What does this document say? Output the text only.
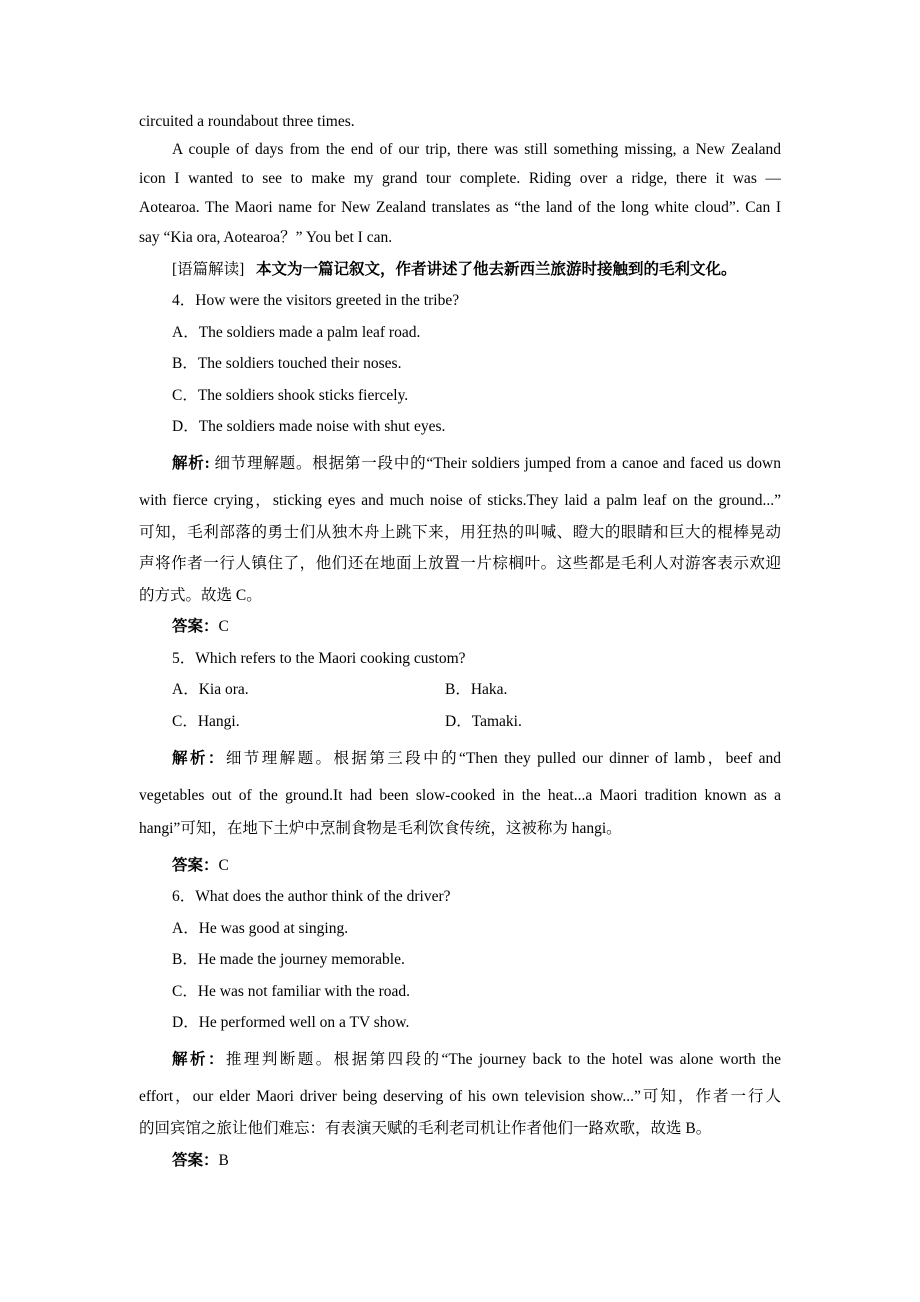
circuited a roundabout three times.
A couple of days from the end of our trip, there was still something missing, a New Zealand
icon I wanted to see to make my grand tour complete. Riding over a ridge, there it was —
Aotearoa. The Maori name for New Zealand translates as “the land of the long white cloud”. Can I
say “Kia ora, Aotearoa？” You bet I can.
[语篇解读] 本文为一篇记叙文，作者讲述了他去新西兰旅游时接触到的毛利文化。
4．How were the visitors greeted in the tribe?
A．The soldiers made a palm leaf road.
B．The soldiers touched their noses.
C．The soldiers shook sticks fiercely.
D．The soldiers made noise with shut eyes.
解析: 细节理解题。根据第一段中的“Their soldiers jumped from a canoe and faced us down
with fierce crying，sticking eyes and much noise of sticks.They laid a palm leaf on the ground...”
可知，毛利部落的勇士们从独木舟上跳下来，用狂热的叫喊、瞪大的眼睛和巨大的棍棒晃动
声将作者一行人镇住了，他们还在地面上放置一片棕榈叶。这些都是毛利人对游客表示欢迎
的方式。故选 C。
答案：C
5．Which refers to the Maori cooking custom?
A．Kia ora.	B．Haka.
C．Hangi.	D．Tamaki.
解析：细节理解题。根据第三段中的“Then they pulled our dinner of lamb，beef and
vegetables out of the ground.It had been slow-cooked in the heat...a Maori tradition known as a
hangi”可知，在地下土炉中烹制食物是毛利饮食传统，这被称为 hangi。
答案：C
6．What does the author think of the driver?
A．He was good at singing.
B．He made the journey memorable.
C．He was not familiar with the road.
D．He performed well on a TV show.
解析：推理判断题。根据第四段的“The journey back to the hotel was alone worth the
effort，our elder Maori driver being deserving of his own television show...”可知，作者一行人
的回宾馆之旅让他们难忘：有表演天赋的毛利老司机让作者他们一路欢歌，故选 B。
答案：B
